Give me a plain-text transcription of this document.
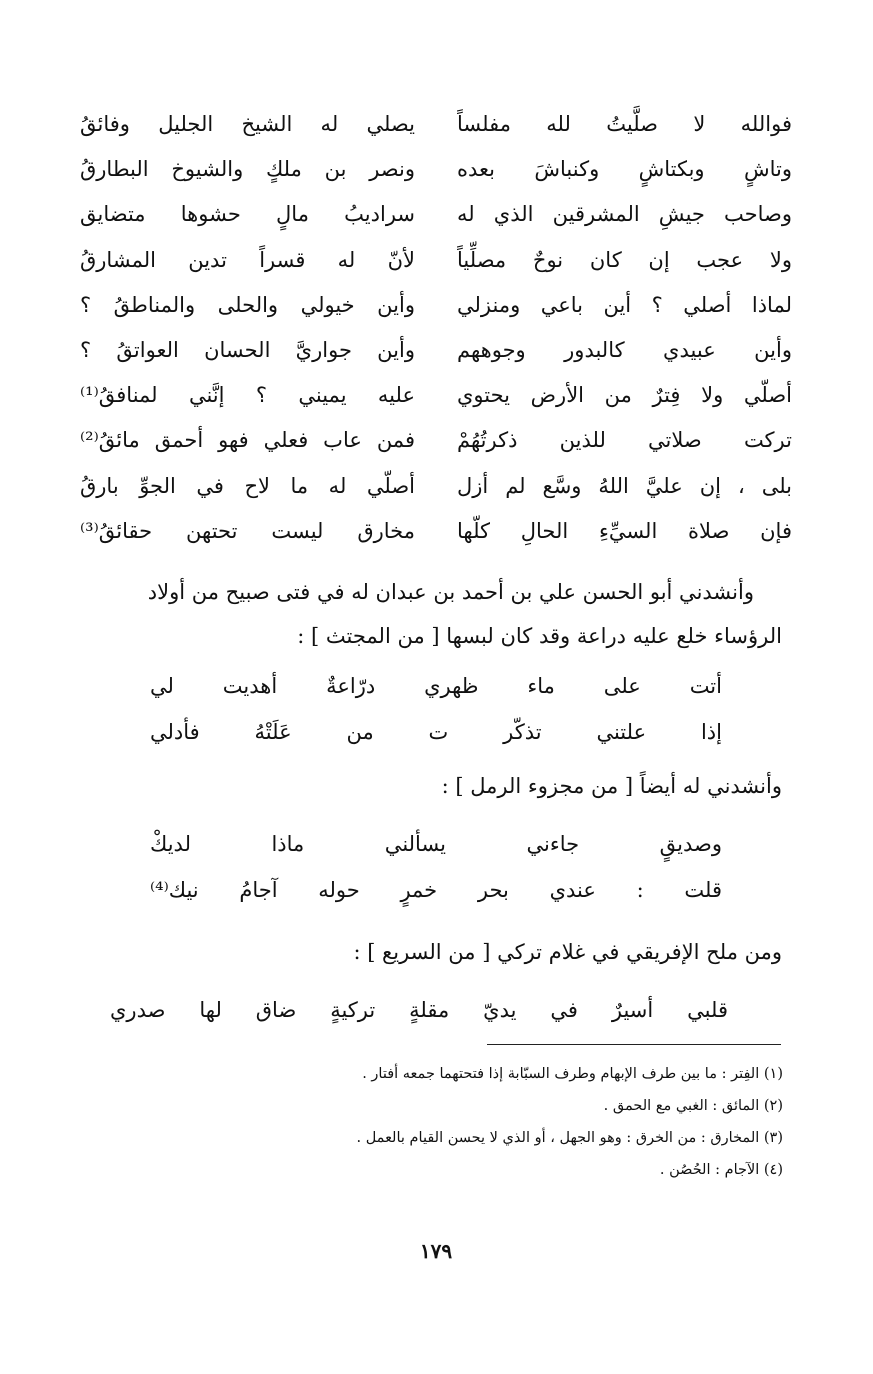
فوالله لا صلَّيتُ لله مفلساً
يصلي له الشيخ الجليل وفائقُ
وتاشٍ وبكتاشٍ وكنباشَ بعده
ونصر بن ملكٍ والشيوخ البطارقُ
وصاحب جيشِ المشرقين الذي له
سراديبُ مالٍ حشوها متضايق
ولا عجب إن كان نوحٌ مصلِّياً
لأنّ له قسراً تدين المشارقُ
لماذا أصلي ؟ أين باعي ومنزلي
وأين خيولي والحلى والمناطقُ ؟
وأين عبيدي كالبدور وجوههم
وأين جواريَّ الحسان العواتقُ ؟
أصلّي ولا فِترٌ من الأرض يحتوي
عليه يميني ؟ إنَّني لمنافقُ⁽¹⁾
تركت صلاتي للذين ذكرتُهُمْ
فمن عاب فعلي فهو أحمق مائقُ⁽²⁾
بلى ، إن عليَّ اللهُ وسَّع لم أزل
أصلّي له ما لاح في الجوِّ بارقُ
فإن صلاة السيِّءِ الحالِ كلّها
مخارق ليست تحتهن حقائقُ⁽³⁾
وأنشدني أبو الحسن علي بن أحمد بن عبدان له في فتى صبيح من أولاد
الرؤساء خلع عليه دراعة وقد كان لبسها [ من المجتث ] :
أتت على ماء ظهري درّاعةٌ أهديت لي
إذا علتني تذكّر ت من عَلَتْهُ فأدلي
وأنشدني له أيضاً [ من مجزوء الرمل ] :
وصديقٍ جاءني يسألني ماذا لديكْ
قلت : عندي بحر خمرٍ حوله آجامُ نيك⁽⁴⁾
ومن ملح الإفريقي في غلام تركي [ من السريع ] :
قلبي أسيرٌ في يديّ مقلةٍ تركيةٍ ضاق لها صدري
(١) الفِتر : ما بين طرف الإبهام وطرف السبّابة إذا فتحتهما جمعه أفتار .
(٢) المائق : الغبي مع الحمق .
(٣) المخارق : من الخرق : وهو الجهل ، أو الذي لا يحسن القيام بالعمل .
(٤) الآجام : الحُصُن .
١٧٩
